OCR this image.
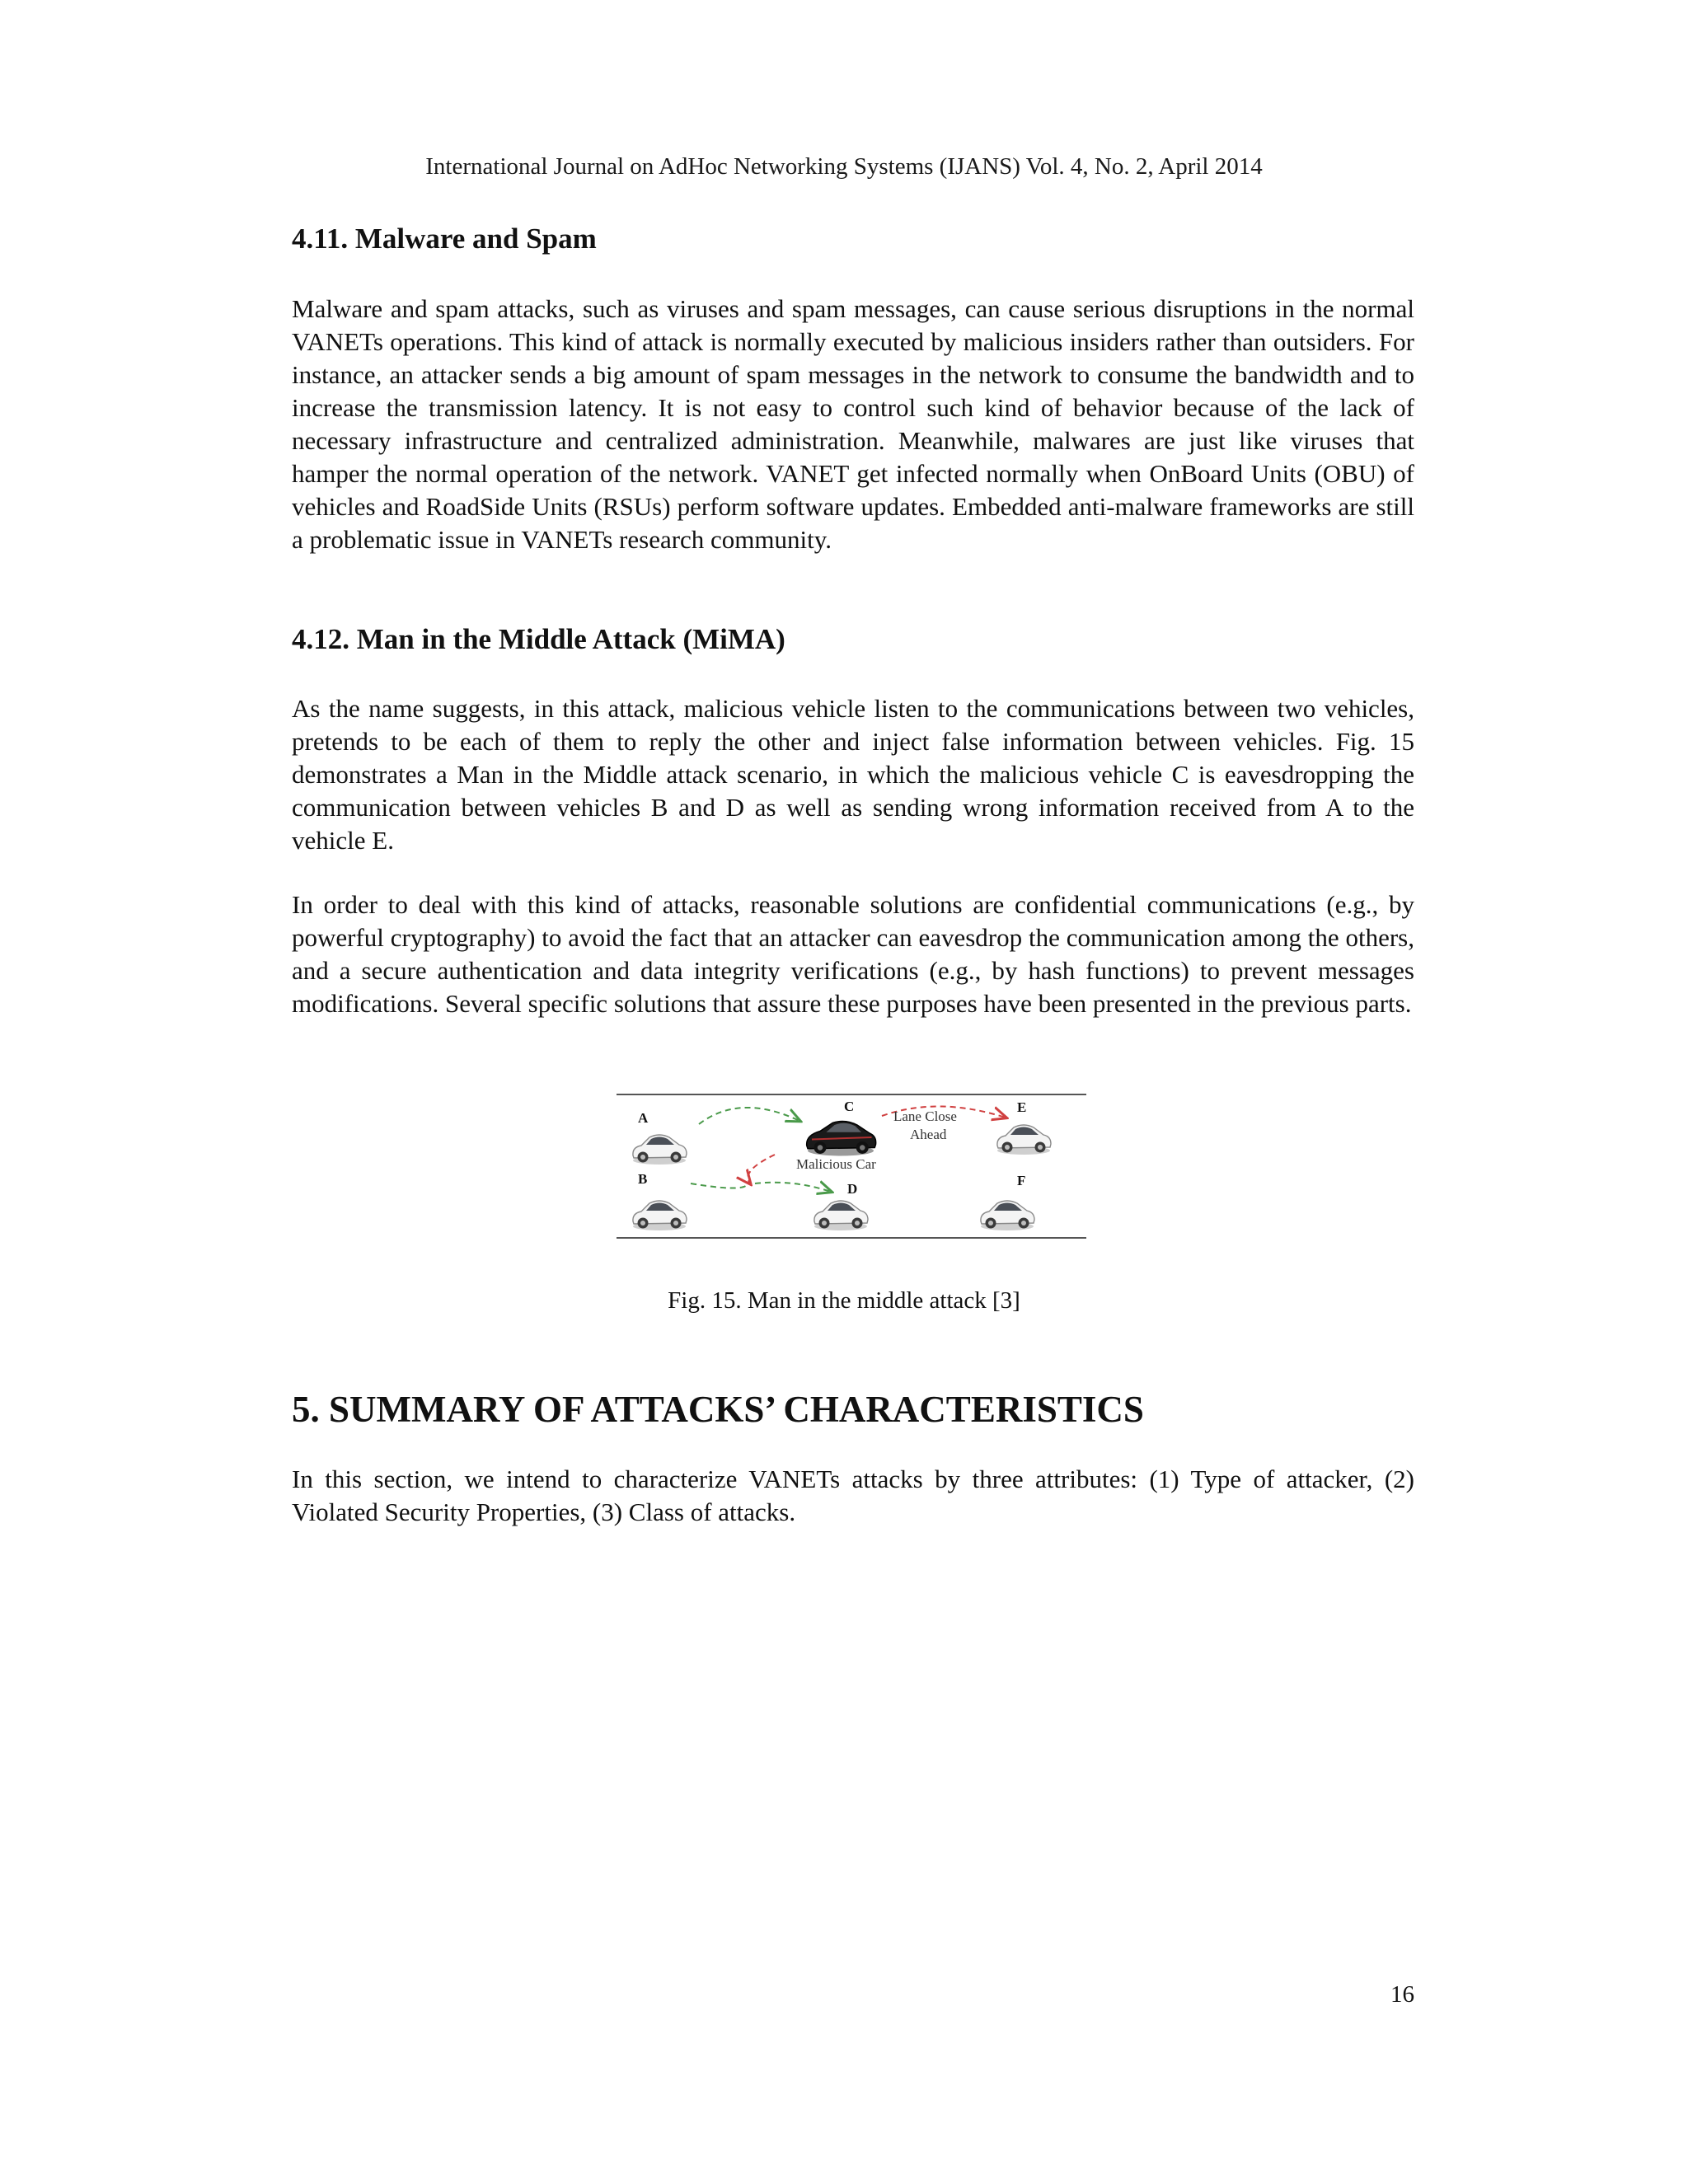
International Journal on AdHoc Networking Systems (IJANS) Vol. 4, No. 2, April 2014
4.11. Malware and Spam

Malware and spam attacks, such as viruses and spam messages, can cause serious disruptions in the normal VANETs operations. This kind of attack is normally executed by malicious insiders rather than outsiders. For instance, an attacker sends a big amount of spam messages in the network to consume the bandwidth and to increase the transmission latency. It is not easy to control such kind of behavior because of the lack of necessary infrastructure and centralized administration. Meanwhile, malwares are just like viruses that hamper the normal operation of the network. VANET get infected normally when OnBoard Units (OBU) of vehicles and RoadSide Units (RSUs) perform software updates. Embedded anti-malware frameworks are still a problematic issue in VANETs research community.

4.12. Man in the Middle Attack (MiMA)

As the name suggests, in this attack, malicious vehicle listen to the communications between two vehicles, pretends to be each of them to reply the other and inject false information between vehicles. Fig. 15 demonstrates a Man in the Middle attack scenario, in which the malicious vehicle C is eavesdropping the communication between vehicles B and D as well as sending wrong information received from A to the vehicle E.

In order to deal with this kind of attacks, reasonable solutions are confidential communications (e.g., by powerful cryptography) to avoid the fact that an attacker can eavesdrop the communication among the others, and a secure authentication and data integrity verifications (e.g., by hash functions) to prevent messages modifications. Several specific solutions that assure these purposes have been presented in the previous parts.

A
B
C
D
E
F
Lane Close
Ahead
Malicious Car
Fig. 15. Man in the middle attack [3]
5. SUMMARY OF ATTACKS’ CHARACTERISTICS

In this section, we intend to characterize VANETs attacks by three attributes: (1) Type of attacker, (2) Violated Security Properties, (3) Class of attacks.

16
